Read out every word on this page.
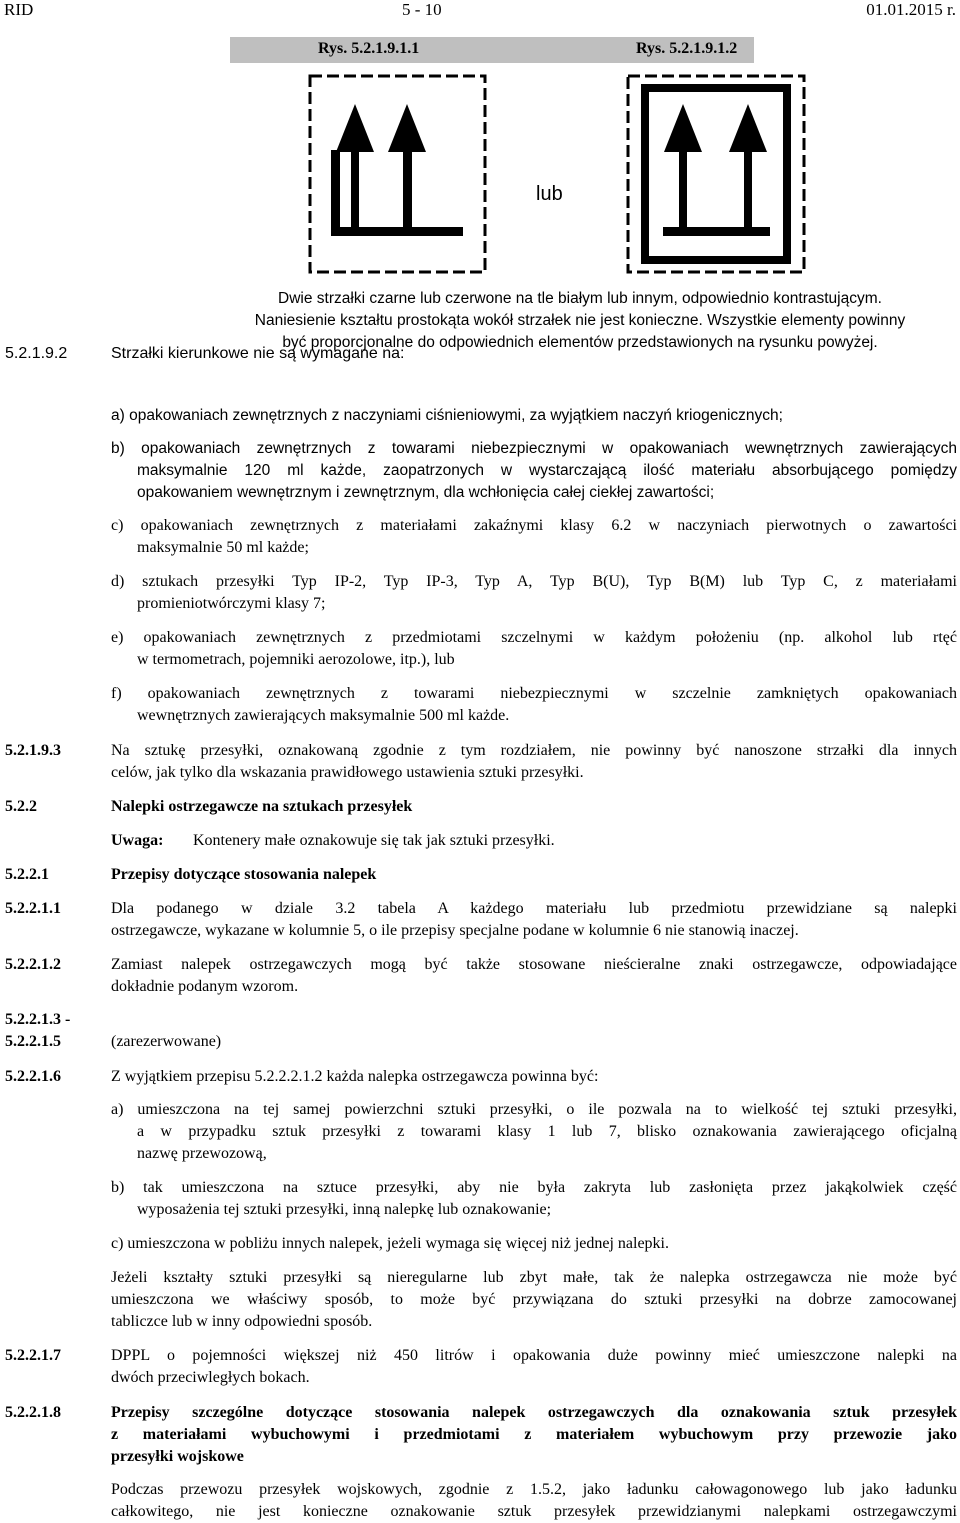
RID	5 - 10	01.01.2015 r.
Rys. 5.2.1.9.1.1	Rys. 5.2.1.9.1.2
lub
Dwie strzałki czarne lub czerwone na tle białym lub innym, odpowiednio kontrastującym.
Naniesienie kształtu prostokąta wokół strzałek nie jest konieczne. Wszystkie elementy powinny
być proporcjonalne do odpowiednich elementów przedstawionych na rysunku powyżej.
5.2.1.9.2	Strzałki kierunkowe nie są wymagane na:
a) opakowaniach zewnętrznych z naczyniami ciśnieniowymi, za wyjątkiem naczyń kriogenicznych;
b) opakowaniach zewnętrznych z towarami niebezpiecznymi w opakowaniach wewnętrznych zawierających
maksymalnie 120 ml każde, zaopatrzonych w wystarczającą ilość materiału absorbującego pomiędzy
opakowaniem wewnętrznym i zewnętrznym, dla wchłonięcia całej ciekłej zawartości;
c) opakowaniach zewnętrznych z materiałami zakaźnymi klasy 6.2 w naczyniach pierwotnych o zawartości
maksymalnie 50 ml każde;
d) sztukach przesyłki Typ IP-2, Typ IP-3, Typ A, Typ B(U), Typ B(M) lub Typ C, z materiałami
promieniotwórczymi klasy 7;
e) opakowaniach zewnętrznych z przedmiotami szczelnymi w każdym położeniu (np. alkohol lub rtęć
w termometrach, pojemniki aerozolowe, itp.), lub
f) opakowaniach zewnętrznych z towarami niebezpiecznymi w szczelnie zamkniętych opakowaniach
wewnętrznych zawierających maksymalnie 500 ml każde.
5.2.1.9.3	Na sztukę przesyłki, oznakowaną zgodnie z tym rozdziałem, nie powinny być nanoszone strzałki dla innych
celów, jak tylko dla wskazania prawidłowego ustawienia sztuki przesyłki.
5.2.2	Nalepki ostrzegawcze na sztukach przesyłek
Uwaga: Kontenery małe oznakowuje się tak jak sztuki przesyłki.
5.2.2.1	Przepisy dotyczące stosowania nalepek
5.2.2.1.1	Dla podanego w dziale 3.2 tabela A każdego materiału lub przedmiotu przewidziane są nalepki
ostrzegawcze, wykazane w kolumnie 5, o ile przepisy specjalne podane w kolumnie 6 nie stanowią inaczej.
5.2.2.1.2	Zamiast nalepek ostrzegawczych mogą być także stosowane nieścieralne znaki ostrzegawcze, odpowiadające
dokładnie podanym wzorom.
5.2.2.1.3 -
5.2.2.1.5	(zarezerwowane)
5.2.2.1.6	Z wyjątkiem przepisu 5.2.2.2.1.2 każda nalepka ostrzegawcza powinna być:
a) umieszczona na tej samej powierzchni sztuki przesyłki, o ile pozwala na to wielkość tej sztuki przesyłki,
a w przypadku sztuk przesyłki z towarami klasy 1 lub 7, blisko oznakowania zawierającego oficjalną
nazwę przewozową,
b) tak umieszczona na sztuce przesyłki, aby nie była zakryta lub zasłonięta przez jakąkolwiek część
wyposażenia tej sztuki przesyłki, inną nalepkę lub oznakowanie;
c) umieszczona w pobliżu innych nalepek, jeżeli wymaga się więcej niż jednej nalepki.
Jeżeli kształty sztuki przesyłki są nieregularne lub zbyt małe, tak że nalepka ostrzegawcza nie może być
umieszczona we właściwy sposób, to może być przywiązana do sztuki przesyłki na dobrze zamocowanej
tabliczce lub w inny odpowiedni sposób.
5.2.2.1.7	DPPL o pojemności większej niż 450 litrów i opakowania duże powinny mieć umieszczone nalepki na
dwóch przeciwległych bokach.
5.2.2.1.8	Przepisy szczególne dotyczące stosowania nalepek ostrzegawczych dla oznakowania sztuk przesyłek
z materiałami wybuchowymi i przedmiotami z materiałem wybuchowym przy przewozie jako
przesyłki wojskowe
Podczas przewozu przesyłek wojskowych, zgodnie z 1.5.2, jako ładunku całowagonowego lub jako ładunku
całkowitego, nie jest konieczne oznakowanie sztuk przesyłek przewidzianymi nalepkami ostrzegawczymi
